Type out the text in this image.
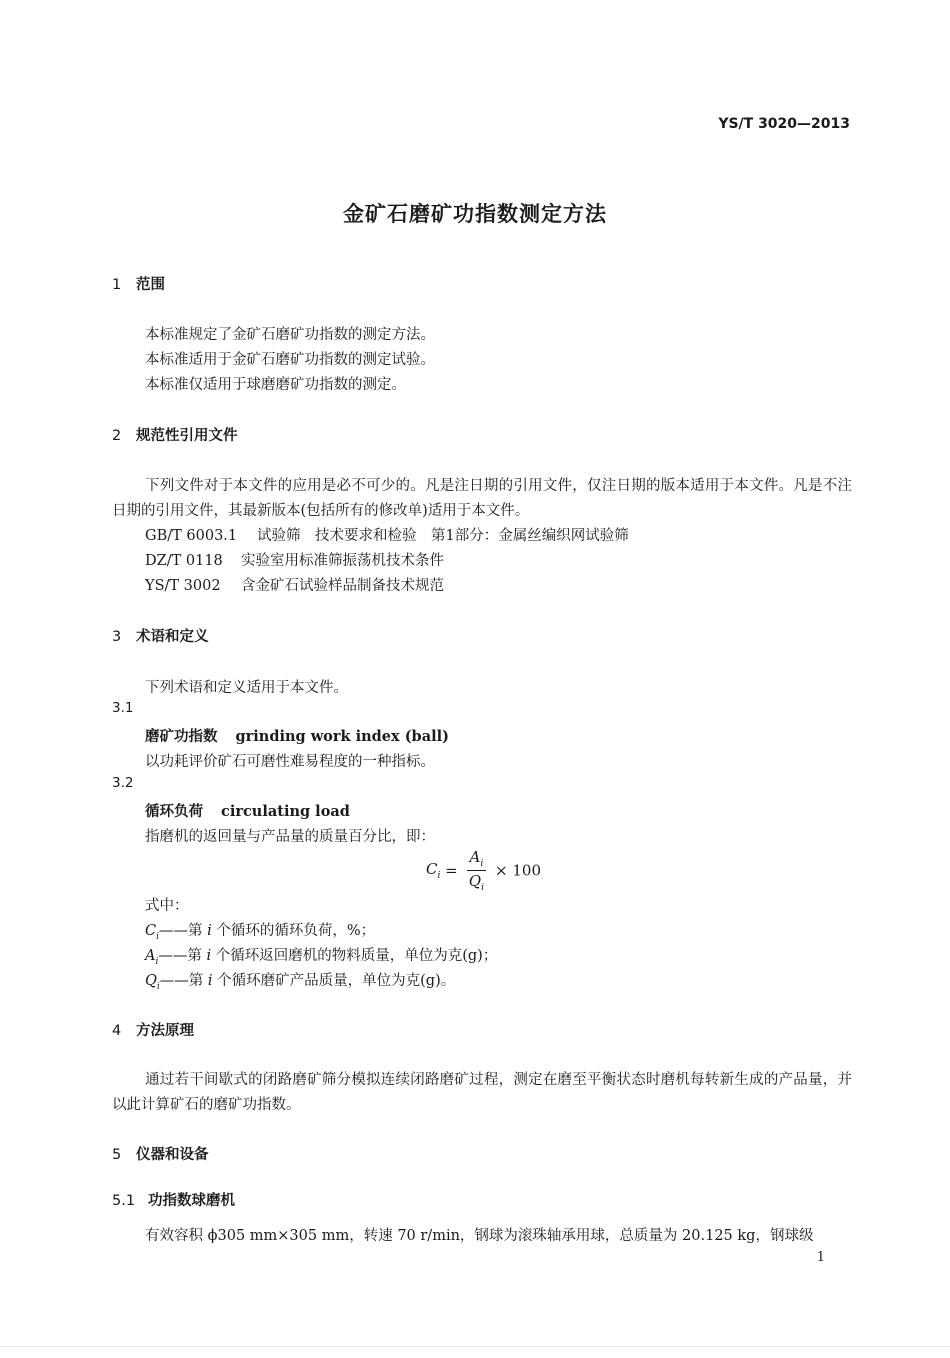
YS/T 3020—2013
金矿石磨矿功指数测定方法
1 范围
本标准规定了金矿石磨矿功指数的测定方法。
本标准适用于金矿石磨矿功指数的测定试验。
本标准仅适用于球磨磨矿功指数的测定。
2 规范性引用文件
下列文件对于本文件的应用是必不可少的。凡是注日期的引用文件，仅注日期的版本适用于本文件。凡是不注日期的引用文件，其最新版本(包括所有的修改单)适用于本文件。
GB/T 6003.1 试验筛　技术要求和检验　第1部分：金属丝编织网试验筛
DZ/T 0118 实验室用标准筛振荡机技术条件
YS/T 3002 含金矿石试验样品制备技术规范
3 术语和定义
下列术语和定义适用于本文件。
3.1
磨矿功指数 grinding work index (ball)
以功耗评价矿石可磨性难易程度的一种指标。
3.2
循环负荷 circulating load
指磨机的返回量与产品量的质量百分比，即：
$C_i = \frac{A_i}{Q_i} \times 100$
式中：
$C_i——$第 i 个循环的循环负荷，%；
$A_i——$第 i 个循环返回磨机的物料质量，单位为克(g)；
$Q_i——$第 i 个循环磨矿产品质量，单位为克(g)。
4 方法原理
通过若干间歇式的闭路磨矿筛分模拟连续闭路磨矿过程，测定在磨至平衡状态时磨机每转新生成的产品量，并以此计算矿石的磨矿功指数。
5 仪器和设备
5.1 功指数球磨机
有效容积 ϕ305 mm×305 mm，转速 70 r/min，钢球为滚珠轴承用球，总质量为 20.125 kg，钢球级
1
